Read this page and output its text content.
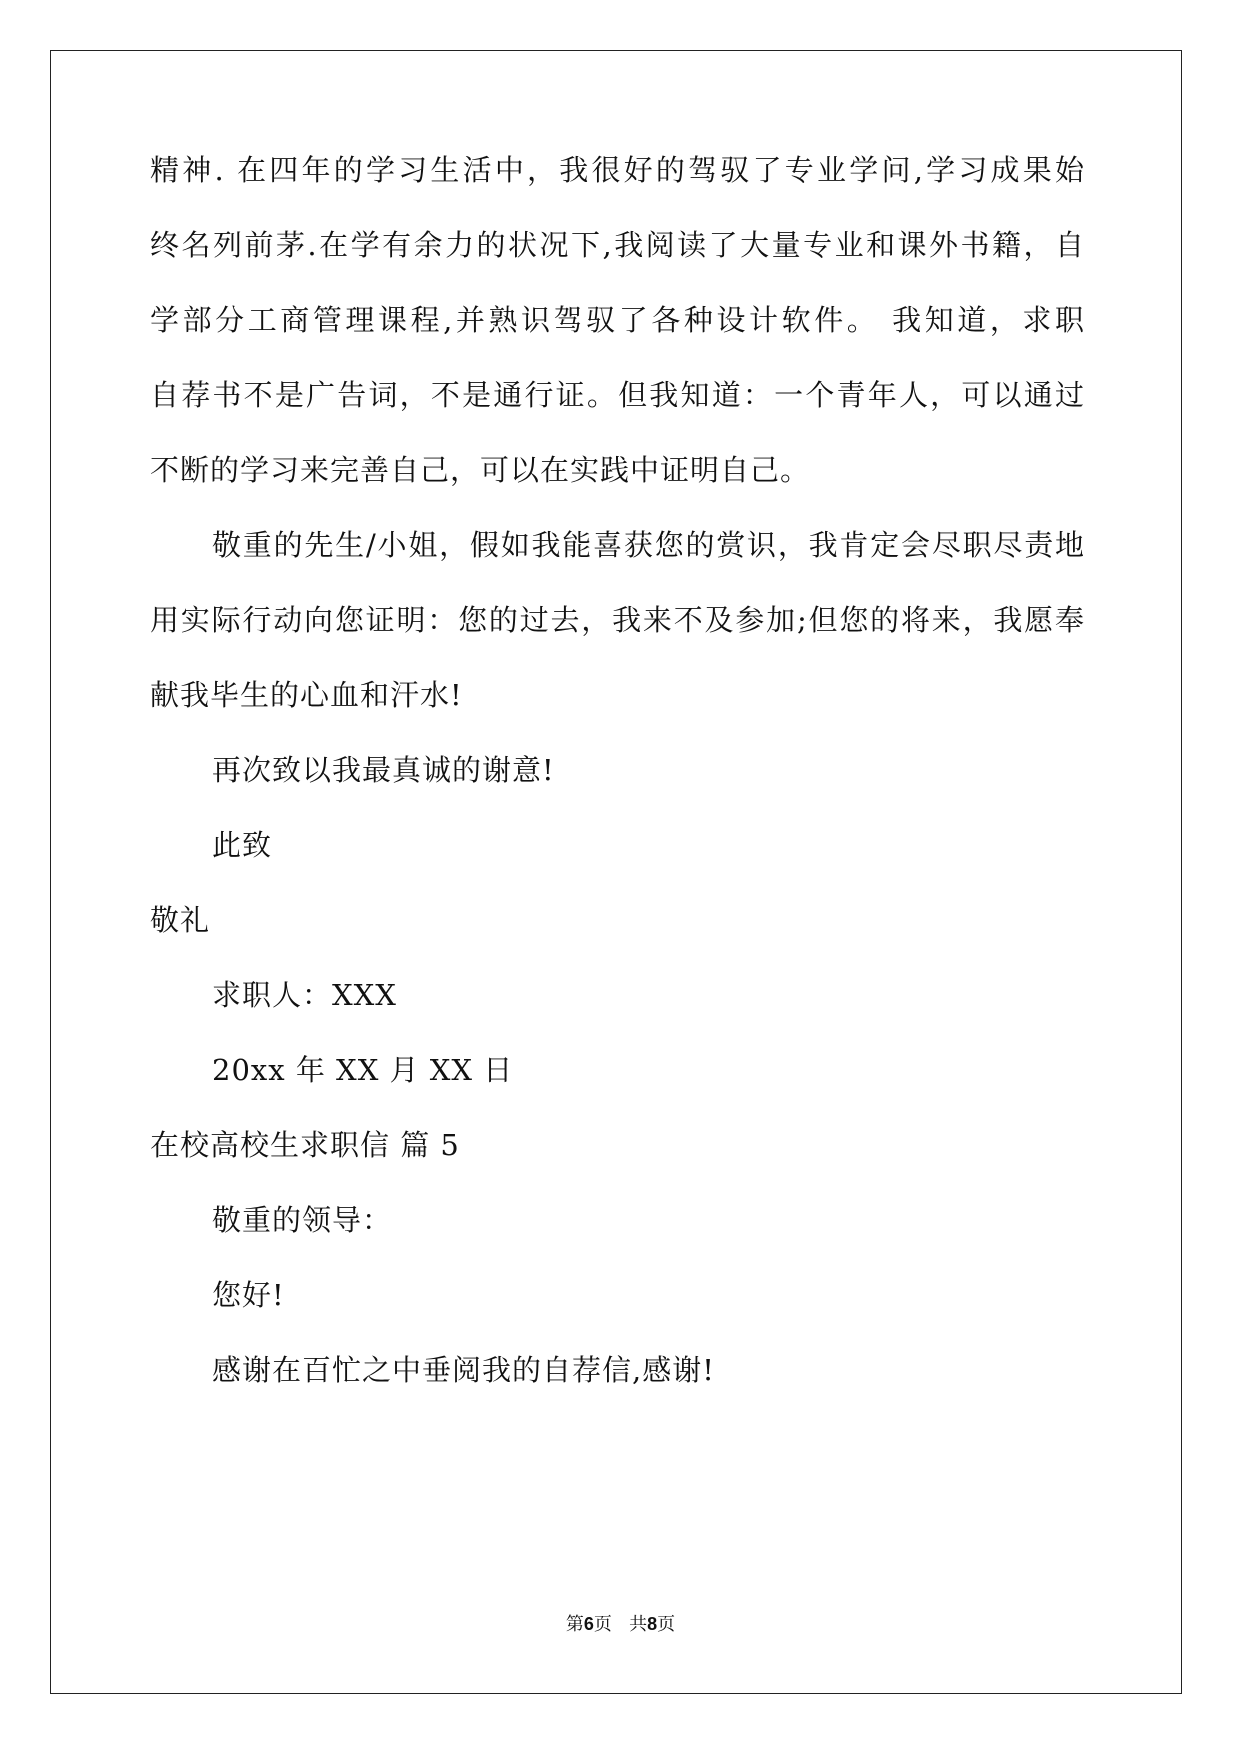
精神. 在四年的学习生活中，我很好的驾驭了专业学问,学习成果始
终名列前茅.在学有余力的状况下,我阅读了大量专业和课外书籍，自
学部分工商管理课程,并熟识驾驭了各种设计软件。 我知道，求职
自荐书不是广告词，不是通行证。但我知道：一个青年人，可以通过
不断的学习来完善自己，可以在实践中证明自己。
敬重的先生/小姐，假如我能喜获您的赏识，我肯定会尽职尽责地
用实际行动向您证明：您的过去，我来不及参加;但您的将来，我愿奉
献我毕生的心血和汗水!
再次致以我最真诚的谢意!
此致
敬礼
求职人：XXX
20xx 年 XX 月 XX 日
在校高校生求职信 篇 5
敬重的领导：
您好!
感谢在百忙之中垂阅我的自荐信,感谢!
第6页 共8页
